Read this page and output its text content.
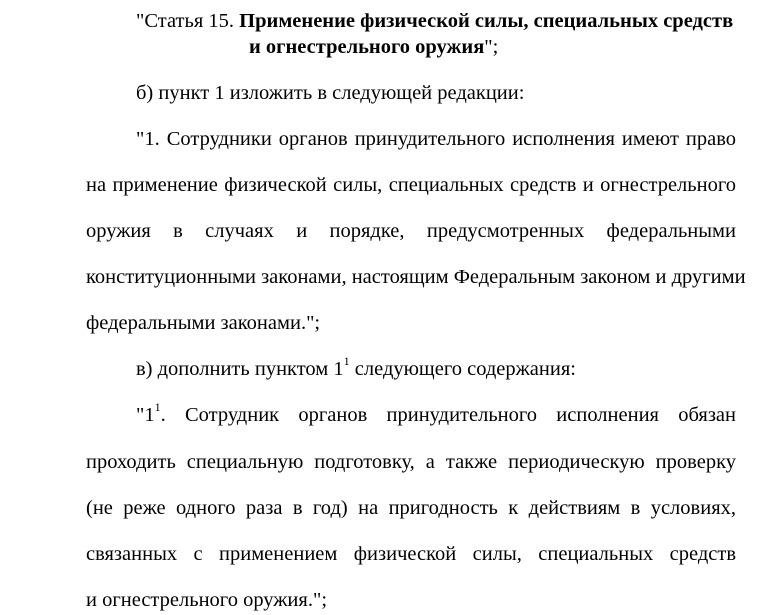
"Статья 15. Применение физической силы, специальных средств
и огнестрельного оружия";
б) пункт 1 изложить в следующей редакции:
"1. Сотрудники органов принудительного исполнения имеют право
на применение физической силы, специальных средств и огнестрельного
оружия в случаях и порядке, предусмотренных федеральными
конституционными законами, настоящим Федеральным законом и другими
федеральными законами.";
в) дополнить пунктом $1^1$ следующего содержания:
"$1^1$. Сотрудник органов принудительного исполнения обязан
проходить специальную подготовку, а также периодическую проверку
(не реже одного раза в год) на пригодность к действиям в условиях,
связанных с применением физической силы, специальных средств
и огнестрельного оружия.";
